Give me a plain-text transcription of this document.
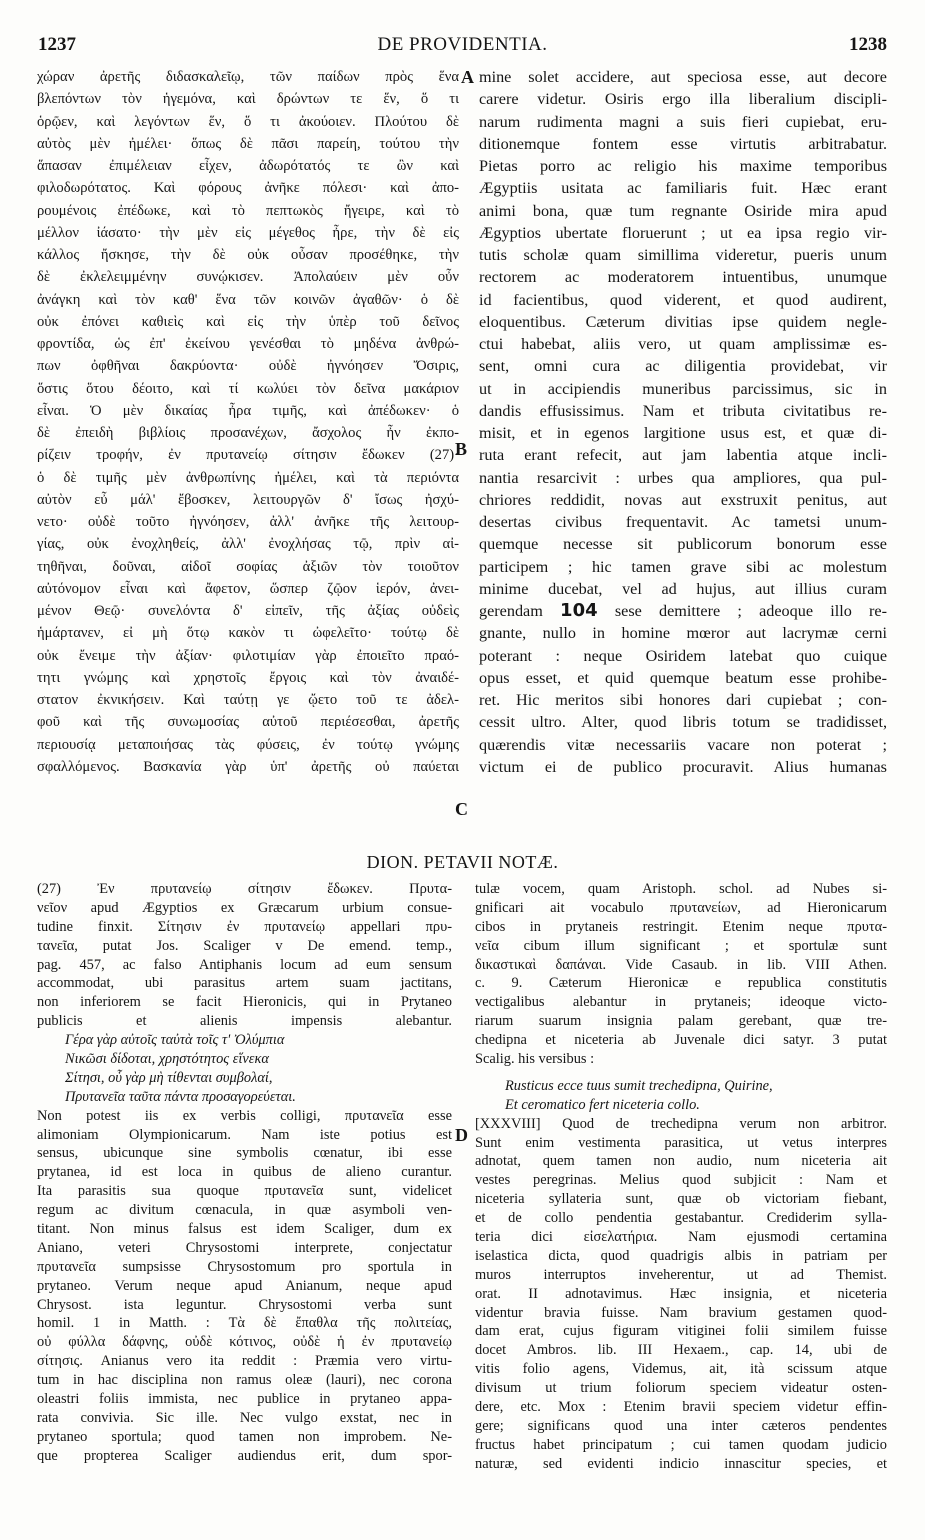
1237	DE PROVIDENTIA.	1238
A
B
C
D

χώραν ἀρετῆς διδασκαλεῖῳ, τῶν παίδων πρὸς ἕνα

βλεπόντων τὸν ἡγεμόνα, καὶ δρώντων τε ἕν, ὅ τι

ὁρῷεν, καὶ λεγόντων ἕν, ὅ τι ἀκούοιεν. Πλούτου δὲ

αὐτὸς μὲν ἠμέλει· ὅπως δὲ πᾶσι παρείη, τούτου τὴν

ἅπασαν ἐπιμέλειαν εἶχεν, ἀδωρότατός τε ὢν καὶ

φιλοδωρότατος. Καὶ φόρους ἀνῆκε πόλεσι· καὶ ἀπο-

ρουμένοις ἐπέδωκε, καὶ τὸ πεπτωκὸς ἤγειρε, καὶ τὸ

μέλλον ἰάσατο· τὴν μὲν εἰς μέγεθος ἦρε, τὴν δὲ εἰς

κάλλος ἤσκησε, τὴν δὲ οὐκ οὖσαν προσέθηκε, τὴν

δὲ ἐκλελειμμένην συνῴκισεν. Ἀπολαύειν μὲν οὖν

ἀνάγκη καὶ τὸν καθ' ἕνα τῶν κοινῶν ἀγαθῶν· ὁ δὲ

οὐκ ἐπόνει καθιεὶς καὶ εἰς τὴν ὑπὲρ τοῦ δεῖνος

φροντίδα, ὡς ἐπ' ἐκείνου γενέσθαι τὸ μηδένα ἀνθρώ-

πων ὀφθῆναι δακρύοντα· οὐδὲ ἠγνόησεν Ὄσιρις,

ὅστις ὅτου δέοιτο, καὶ τί κωλύει τὸν δεῖνα μακάριον

εἶναι. Ὁ μὲν δικαίας ἦρα τιμῆς, καὶ ἀπέδωκεν· ὁ

δὲ ἐπειδὴ βιβλίοις προσανέχων, ἄσχολος ἦν ἐκπο-

ρίζειν τροφήν, ἐν πρυτανείῳ σίτησιν ἔδωκεν (27)·

ὁ δὲ τιμῆς μὲν ἀνθρωπίνης ἠμέλει, καὶ τὰ περιόντα

αὐτὸν εὖ μάλ' ἔβοσκεν, λειτουργῶν δ' ἴσως ἠσχύ-

νετο· οὐδὲ τοῦτο ἠγνόησεν, ἀλλ' ἀνῆκε τῆς λειτουρ-

γίας, οὐκ ἐνοχληθείς, ἀλλ' ἐνοχλήσας τῷ, πρὶν αἰ-

τηθῆναι, δοῦναι, αἰδοῖ σοφίας ἀξιῶν τὸν τοιοῦτον

αὐτόνομον εἶναι καὶ ἄφετον, ὥσπερ ζῷον ἱερόν, ἀνει-

μένον Θεῷ· συνελόντα δ' εἰπεῖν, τῆς ἀξίας οὐδεὶς

ἡμάρτανεν, εἰ μὴ ὅτῳ κακὸν τι ὠφελεῖτο· τούτῳ δὲ

οὐκ ἔνειμε τὴν ἀξίαν· φιλοτιμίαν γὰρ ἐποιεῖτο πραό-

τητι γνώμης καὶ χρηστοῖς ἔργοις καὶ τὸν ἀναιδέ-

στατον ἐκνικήσειν. Καὶ ταύτῃ γε ᾤετο τοῦ τε ἀδελ-

φοῦ καὶ τῆς συνωμοσίας αὐτοῦ περιέσεσθαι, ἀρετῆς

περιουσίᾳ μεταποιήσας τὰς φύσεις, ἐν τούτῳ γνώμης

σφαλλόμενος. Βασκανία γὰρ ὑπ' ἀρετῆς οὐ παύεται

mine solet accidere, aut speciosa esse, aut decore

carere videtur. Osiris ergo illa liberalium discipli-

narum rudimenta magni a suis fieri cupiebat, eru-

ditionemque fontem esse virtutis arbitrabatur.

Pietas porro ac religio his maxime temporibus

Ægyptiis usitata ac familiaris fuit. Hæc erant

animi bona, quæ tum regnante Osiride mira apud

Ægyptios ubertate floruerunt ; ut ea ipsa regio vir-

tutis scholæ quam simillima videretur, pueris unum

rectorem ac moderatorem intuentibus, unumque

id facientibus, quod viderent, et quod audirent,

eloquentibus. Cæterum divitias ipse quidem negle-

ctui habebat, aliis vero, ut quam amplissimæ es-

sent, omni cura ac diligentia providebat, vir

ut in accipiendis muneribus parcissimus, sic in

dandis effusissimus. Nam et tributa civitatibus re-

misit, et in egenos largitione usus est, et quæ di-

ruta erant refecit, aut jam labentia atque incli-

nantia resarcivit : urbes qua ampliores, qua pul-

chriores reddidit, novas aut exstruxit penitus, aut

desertas civibus frequentavit. Ac tametsi unum-

quemque necesse sit publicorum bonorum esse

participem ; hic tamen grave sibi ac molestum

minime ducebat, vel ad hujus, aut illius curam

gerendam 104 sese demittere ; adeoque illo re-

gnante, nullo in homine mœror aut lacrymæ cerni

poterant : neque Osiridem latebat quo cuique

opus esset, et quid quemque beatum esse prohibe-

ret. Hic meritos sibi honores dari cupiebat ; con-

cessit ultro. Alter, quod libris totum se tradidisset,

quærendis vitæ necessariis vacare non poterat ;

victum ei de publico procuravit. Alius humanas

DION. PETAVII NOTÆ.

(27) Ἐν πρυτανείῳ σίτησιν ἔδωκεν. Πρυτα-

νεῖον apud Ægyptios ex Græcarum urbium consue-

tudine finxit. Σίτησιν ἐν πρυτανείῳ appellari πρυ-

τανεῖα, putat Jos. Scaliger v De emend. temp.,

pag. 457, ac falso Antiphanis locum ad eum sensum

accommodat, ubi parasitus artem suam jactitans,

non inferiorem se facit Hieronicis, qui in Prytaneo

publicis et alienis impensis alebantur.

Γέρα γὰρ αὐτοῖς ταὐτὰ τοῖς τ' Ὀλύμπια

Νικῶσι δίδοται, χρηστότητος εἵνεκα

Σίτησι, οὗ γὰρ μὴ τίθενται συμβολαί,

Πρυτανεῖα ταῦτα πάντα προσαγορεύεται.

Non potest iis ex verbis colligi, πρυτανεῖα esse

alimoniam Olympionicarum. Nam iste potius est

sensus, ubicunque sine symbolis cœnatur, ibi esse

prytanea, id est loca in quibus de alieno curantur.

Ita parasitis sua quoque πρυτανεῖα sunt, videlicet

regum ac divitum cœnacula, in quæ asymboli ven-

titant. Non minus falsus est idem Scaliger, dum ex

Aniano, veteri Chrysostomi interprete, conjectatur

πρυτανεῖα sumpsisse Chrysostomum pro sportula in

prytaneo. Verum neque apud Anianum, neque apud

Chrysost. ista leguntur. Chrysostomi verba sunt

homil. 1 in Matth. : Τὰ δὲ ἔπαθλα τῆς πολιτείας,

οὐ φύλλα δάφνης, οὐδὲ κότινος, οὐδὲ ἡ ἐν πρυτανείῳ

σίτησις. Anianus vero ita reddit : Præmia vero virtu-

tum in hac disciplina non ramus oleæ (lauri), nec corona

oleastri foliis immista, nec publice in prytaneo appa-

rata convivia. Sic ille. Nec vulgo exstat, nec in

prytaneo sportula; quod tamen non improbem. Ne-

que propterea Scaliger audiendus erit, dum spor-

tulæ vocem, quam Aristoph. schol. ad Nubes si-

gnificari ait vocabulo πρυτανείων, ad Hieronicarum

cibos in prytaneis restringit. Etenim neque πρυτα-

νεῖα cibum illum significant ; et sportulæ sunt

δικαστικαὶ δαπάναι. Vide Casaub. in lib. VIII Athen.

c. 9. Cæterum Hieronicæ e republica constitutis

vectigalibus alebantur in prytaneis; ideoque victo-

riarum suarum insignia palam gerebant, quæ tre-

chedipna et niceteria ab Juvenale dici satyr. 3 putat

Scalig. his versibus :

Rusticus ecce tuus sumit trechedipna, Quirine,

Et ceromatico fert niceteria collo.

[XXXVIII] Quod de trechedipna verum non arbitror.

Sunt enim vestimenta parasitica, ut vetus interpres

adnotat, quem tamen non audio, num niceteria ait

vestes peregrinas. Melius quod subjicit : Nam et

niceteria syllateria sunt, quæ ob victoriam fiebant,

et de collo pendentia gestabantur. Crediderim sylla-

teria dici εἰσελατήρια. Nam ejusmodi certamina

iselastica dicta, quod quadrigis albis in patriam per

muros interruptos inveherentur, ut ad Themist.

orat. II adnotavimus. Hæc insignia, et niceteria

videntur bravia fuisse. Nam bravium gestamen quod-

dam erat, cujus figuram vitiginei folii similem fuisse

docet Ambros. lib. III Hexaem., cap. 14, ubi de

vitis folio agens, Videmus, ait, ità scissum atque

divisum ut trium foliorum speciem videatur osten-

dere, etc. Mox : Etenim bravii speciem videtur effin-

gere; significans quod una inter cæteros pendentes

fructus habet principatum ; cui tamen quodam judicio

naturæ, sed evidenti indicio innascitur species, et
